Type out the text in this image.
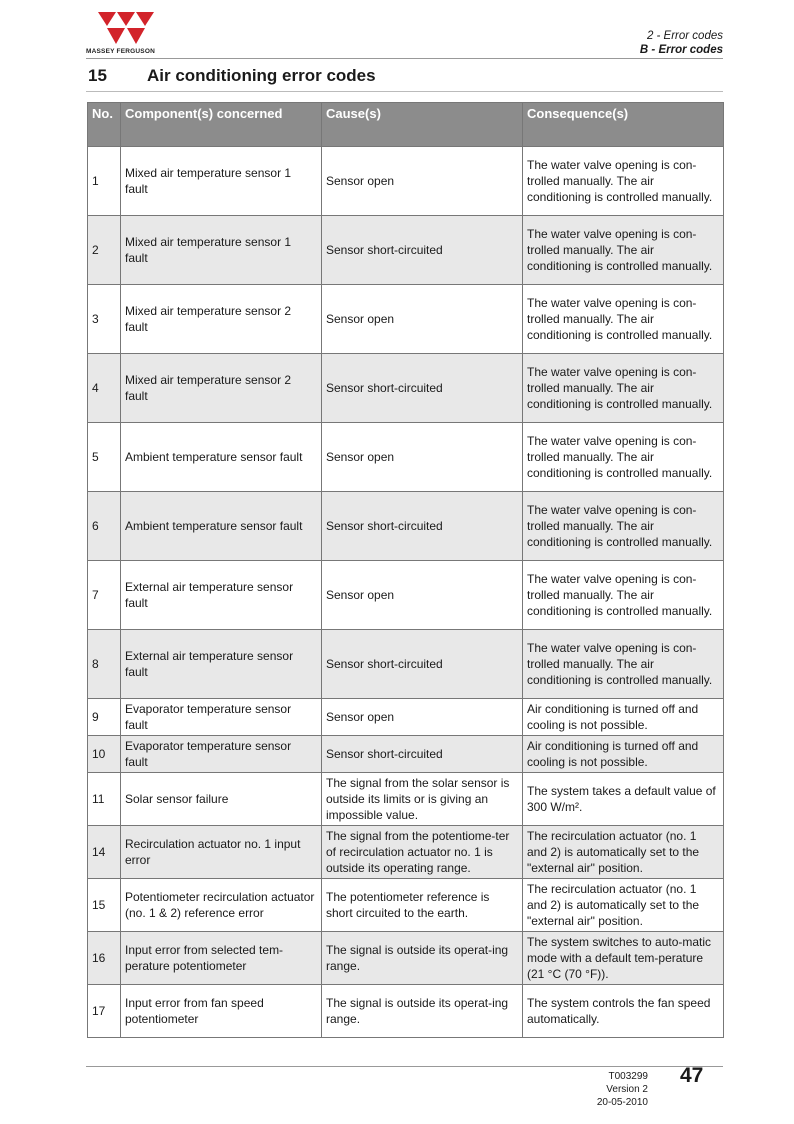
MASSEY FERGUSON
2 - Error codes
B - Error codes
15 Air conditioning error codes
No.	Component(s) concerned	Cause(s)	Consequence(s)
1	Mixed air temperature sensor 1 fault	Sensor open	The water valve opening is con-trolled manually. The air conditioning is controlled manually.
2	Mixed air temperature sensor 1 fault	Sensor short-circuited	The water valve opening is con-trolled manually. The air conditioning is controlled manually.
3	Mixed air temperature sensor 2 fault	Sensor open	The water valve opening is con-trolled manually. The air conditioning is controlled manually.
4	Mixed air temperature sensor 2 fault	Sensor short-circuited	The water valve opening is con-trolled manually. The air conditioning is controlled manually.
5	Ambient temperature sensor fault	Sensor open	The water valve opening is con-trolled manually. The air conditioning is controlled manually.
6	Ambient temperature sensor fault	Sensor short-circuited	The water valve opening is con-trolled manually. The air conditioning is controlled manually.
7	External air temperature sensor fault	Sensor open	The water valve opening is con-trolled manually. The air conditioning is controlled manually.
8	External air temperature sensor fault	Sensor short-circuited	The water valve opening is con-trolled manually. The air conditioning is controlled manually.
9	Evaporator temperature sensor fault	Sensor open	Air conditioning is turned off and cooling is not possible.
10	Evaporator temperature sensor fault	Sensor short-circuited	Air conditioning is turned off and cooling is not possible.
11	Solar sensor failure	The signal from the solar sensor is outside its limits or is giving an impossible value.	The system takes a default value of 300 W/m².
14	Recirculation actuator no. 1 input error	The signal from the potentiome-ter of recirculation actuator no. 1 is outside its operating range.	The recirculation actuator (no. 1 and 2) is automatically set to the "external air" position.
15	Potentiometer recirculation actuator (no. 1 & 2) reference error	The potentiometer reference is short circuited to the earth.	The recirculation actuator (no. 1 and 2) is automatically set to the "external air" position.
16	Input error from selected tem-perature potentiometer	The signal is outside its operat-ing range.	The system switches to auto-matic mode with a default tem-perature (21 °C (70 °F)).
17	Input error from fan speed potentiometer	The signal is outside its operat-ing range.	The system controls the fan speed automatically.
T003299
Version 2
20-05-2010
47
